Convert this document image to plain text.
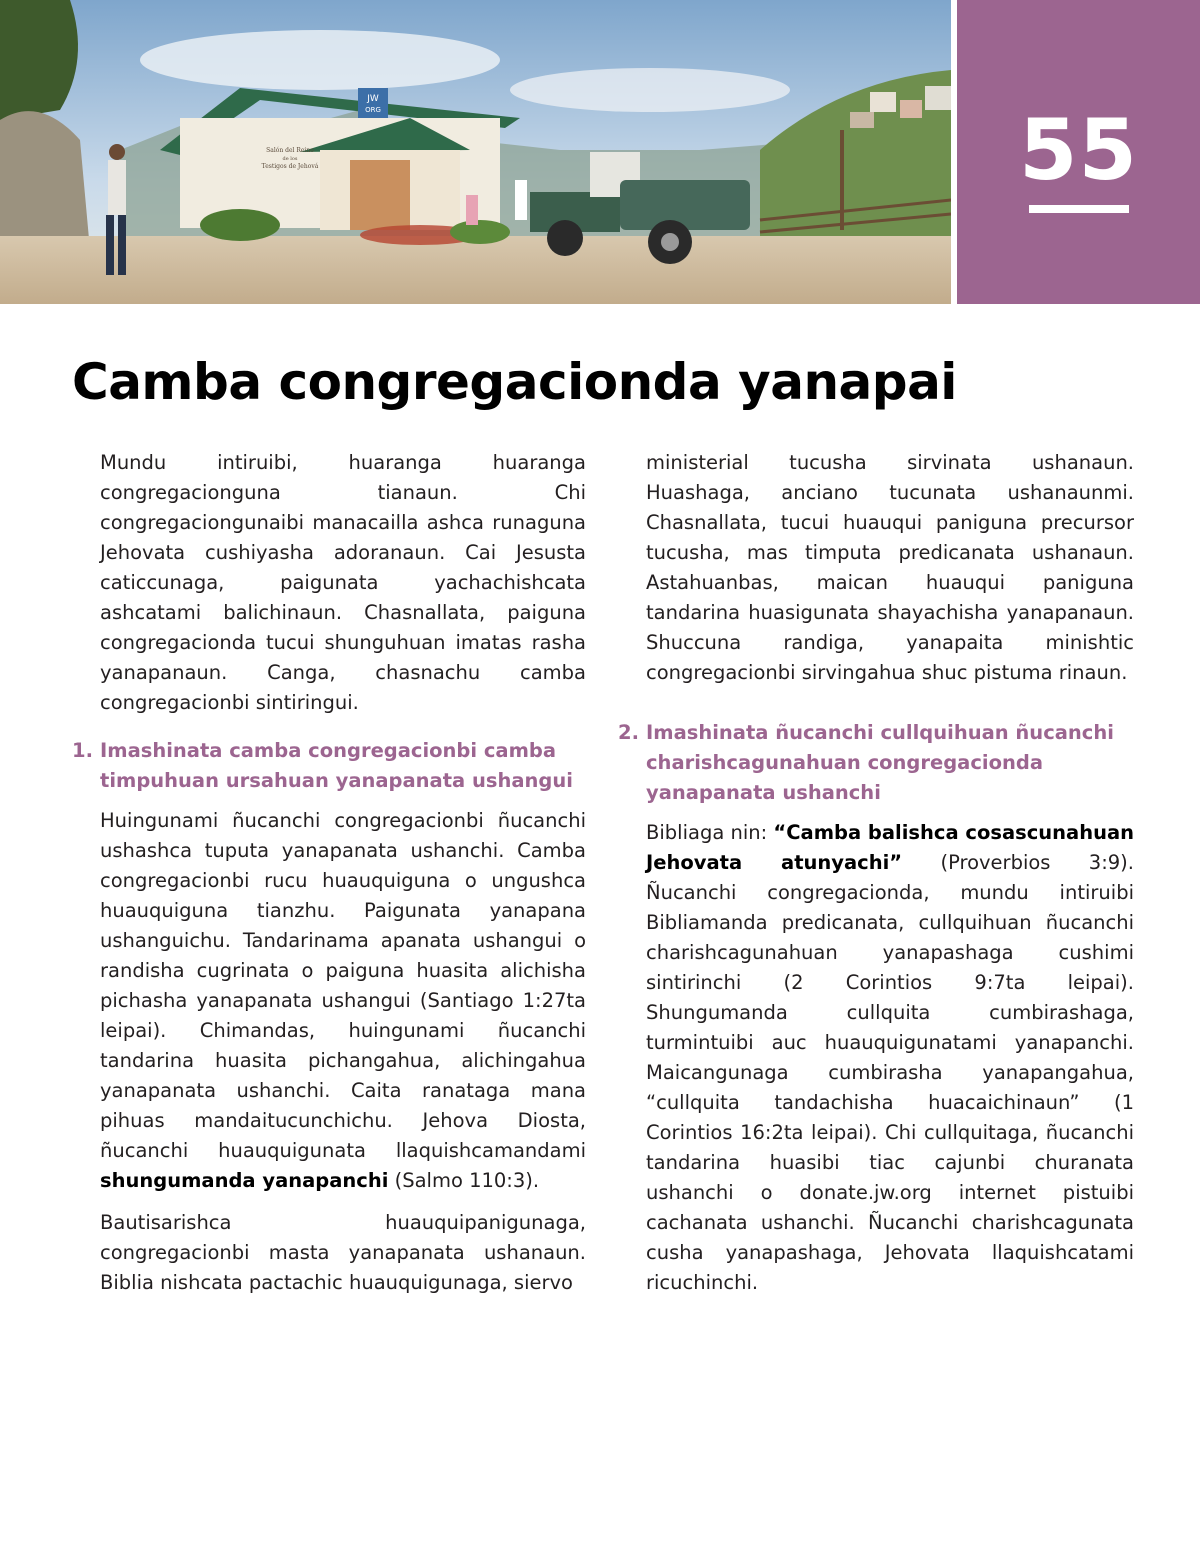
JW
ORG
Salón del Reino
de los
Testigos de Jehová	55
Camba congregacionda yanapai

Mundu intiruibi, huaranga huaranga congregacionguna tianaun. Chi congregaciongunaibi manacailla ashca runaguna Jehovata cushiyasha adoranaun. Cai Jesusta caticcunaga, paigunata yachachishcata ashcatami balichinaun. Chasnallata, paiguna congregacionda tucui shunguhuan imatas rasha yanapanaun. Canga, chasnachu camba congregacionbi sintiringui.

1. Imashinata camba congregacionbi camba timpuhuan ursahuan yanapanata ushangui

Huingunami ñucanchi congregacionbi ñucanchi ushashca tuputa yanapanata ushanchi. Camba congregacionbi rucu huauquiguna o ungushca huauquiguna tianzhu. Paigunata yanapana ushanguichu. Tandarinama apanata ushangui o randisha cugrinata o paiguna huasita alichisha pichasha yanapanata ushangui (Santiago 1:27ta leipai). Chimandas, huingunami ñucanchi tandarina huasita pichangahua, alichingahua yanapanata ushanchi. Caita ranataga mana pihuas mandaitucunchichu. Jehova Diosta, ñucanchi huauquigunata llaquishcamandami shungumanda yanapanchi (Salmo 110:3).

Bautisarishca huauquipanigunaga, congregacionbi masta yanapanata ushanaun. Biblia nishcata pactachic huauquigunaga, siervo

2. Imashinata ñucanchi cullquihuan ñucanchi charishcagunahuan congregacionda yanapanata ushanchi

Bibliaga nin: “Camba balishca cosascunahuan Jehovata atunyachi” (Proverbios 3:9). Ñucanchi congregacionda, mundu intiruibi Bibliamanda predicanata, cullquihuan ñucanchi charishcagunahuan yanapashaga cushimi sintirinchi (2 Corintios 9:7ta leipai). Shungumanda cullquita cumbirashaga, turmintuibi auc huauquigunatami yanapanchi. Maicangunaga cumbirasha yanapangahua, “cullquita tandachisha huacaichinaun” (1 Corintios 16:2ta leipai). Chi cullquitaga, ñucanchi tandarina huasibi tiac cajunbi churanata ushanchi o donate.jw.org internet pistuibi cachanata ushanchi. Ñucanchi charishcagunata cusha yanapashaga, Jehovata llaquishcatami ricuchinchi.

ministerial tucusha sirvinata ushanaun. Huashaga, anciano tucunata ushanaunmi. Chasnallata, tucui huauqui paniguna precursor tucusha, mas timputa predicanata ushanaun. Astahuanbas, maican huauqui paniguna tandarina huasigunata shayachisha yanapanaun. Shuccuna randiga, yanapaita minishtic congregacionbi sirvingahua shuc pistuma rinaun.
